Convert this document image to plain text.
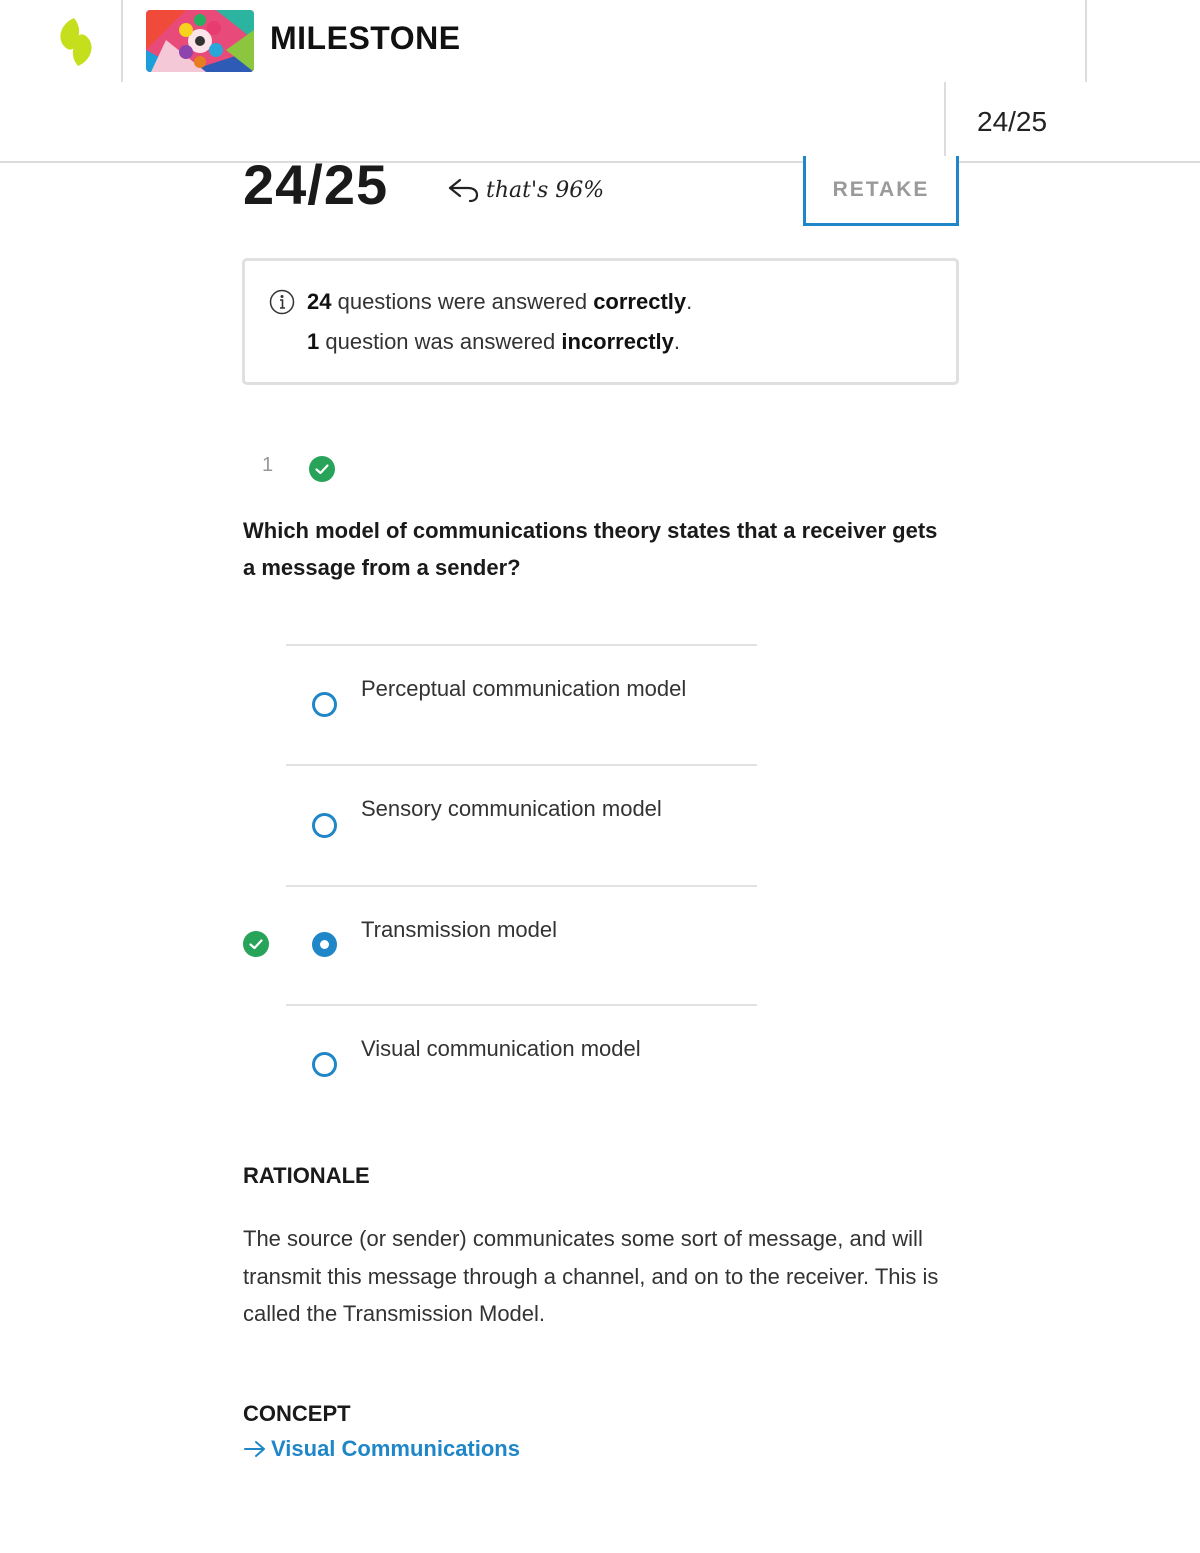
MILESTONE
24/25
24/25	that's 96%	RETAKE
24 questions were answered correctly.
1 question was answered incorrectly.
1
Which model of communications theory states that a receiver gets a message from a sender?
Perceptual communication model
Sensory communication model
Transmission model
Visual communication model
RATIONALE
The source (or sender) communicates some sort of message, and will transmit this message through a channel, and on to the receiver. This is called the Transmission Model.
CONCEPT
Visual Communications
